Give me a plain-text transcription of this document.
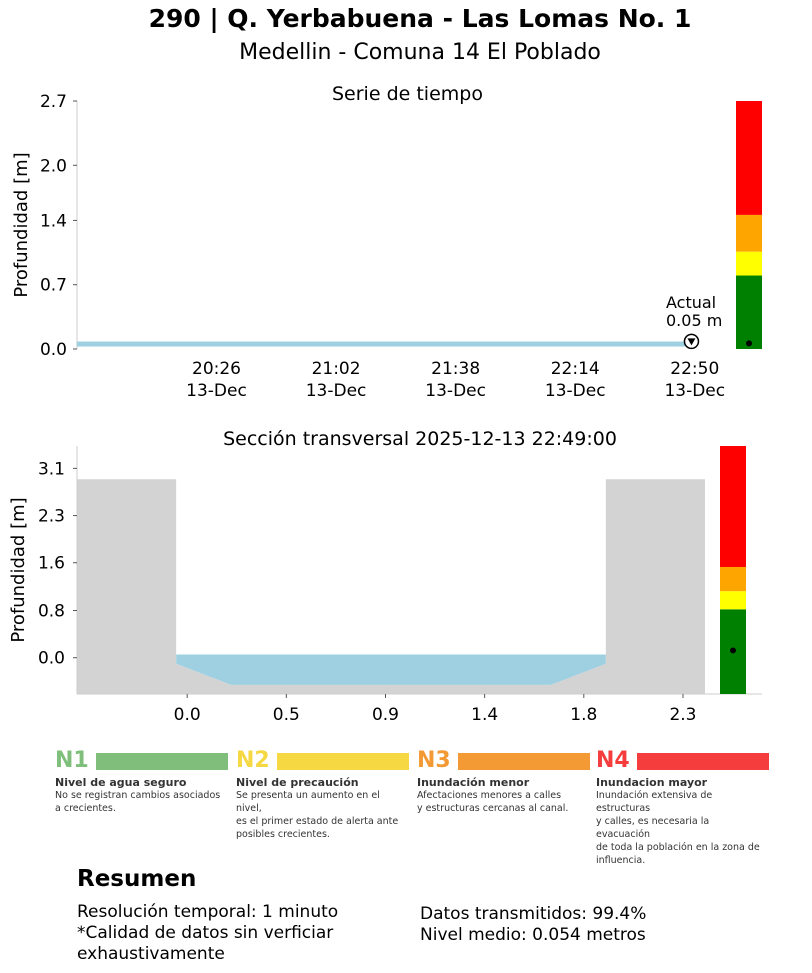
290 | Q. Yerbabuena - Las Lomas No. 1
Medellin - Comuna 14 El Poblado
Serie de tiempo
0.0
0.7
1.4
2.0
2.7
Profundidad [m]
20:26
13-Dec
21:02
13-Dec
21:38
13-Dec
22:14
13-Dec
22:50
13-Dec
Actual
0.05 m
Sección transversal 2025-12-13 22:49:00
0.0
0.8
1.6
2.3
3.1
Profundidad [m]
0.0	0.5	0.9	1.4	1.8	2.3
N1
Nivel de agua seguro
No se registran cambios asociados
a crecientes.
N2
Nivel de precaución
Se presenta un aumento en el nivel,
es el primer estado de alerta ante
posibles crecientes.
N3
Inundación menor
Afectaciones menores a calles
y estructuras cercanas al canal.
N4
Inundacion mayor
Inundación extensiva de estructuras
y calles, es necesaria la evacuación
de toda la población en la zona de
influencia.
Resumen
Resolución temporal: 1 minuto
*Calidad de datos sin verficiar
exhaustivamente
Datos transmitidos: 99.4%
Nivel medio: 0.054 metros
